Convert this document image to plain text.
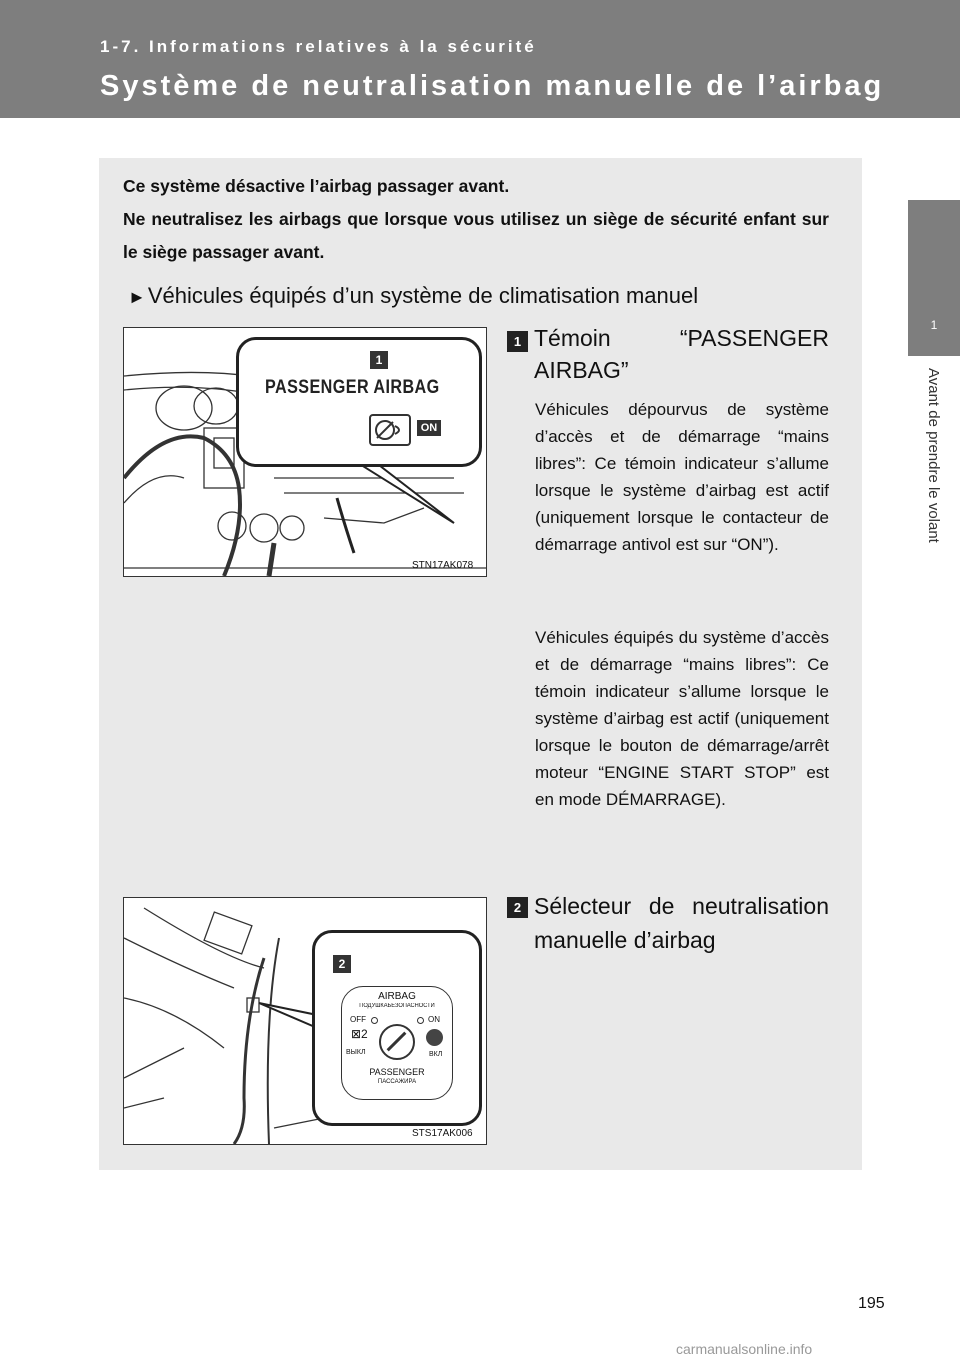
1-7. Informations relatives à la sécurité
Système de neutralisation manuelle de l’airbag
1
Avant de prendre le volant

Ce système désactive l’airbag passager avant.

Ne neutralisez les airbags que lorsque vous utilisez un siège de sécurité enfant sur le siège passager avant.

►Véhicules équipés d’un système de climatisation manuel
1
PASSENGER AIRBAG
ON
STN17AK078
2
AIRBAG
ПОДУШКАБЕЗОПАСНОСТИ
OFF	ON
⊠2
ВЫКЛ	ВКЛ
PASSENGER
ПАССАЖИРА
STS17AK006
1 Témoin “PASSENGER
AIRBAG”
Véhicules dépourvus de système d’accès et de démarrage “mains libres”: Ce témoin indicateur s’allume lorsque le système d’airbag est actif (uniquement lorsque le contacteur de démarrage antivol est sur “ON”).
Véhicules équipés du système d’accès et de démarrage “mains libres”: Ce témoin indicateur s’allume lorsque le système d’airbag est actif (uniquement lorsque le bouton de démarrage/arrêt moteur “ENGINE START STOP” est en mode DÉMARRAGE).
2 Sélecteur de neutralisation
manuelle d’airbag
195
carmanualsonline.info
